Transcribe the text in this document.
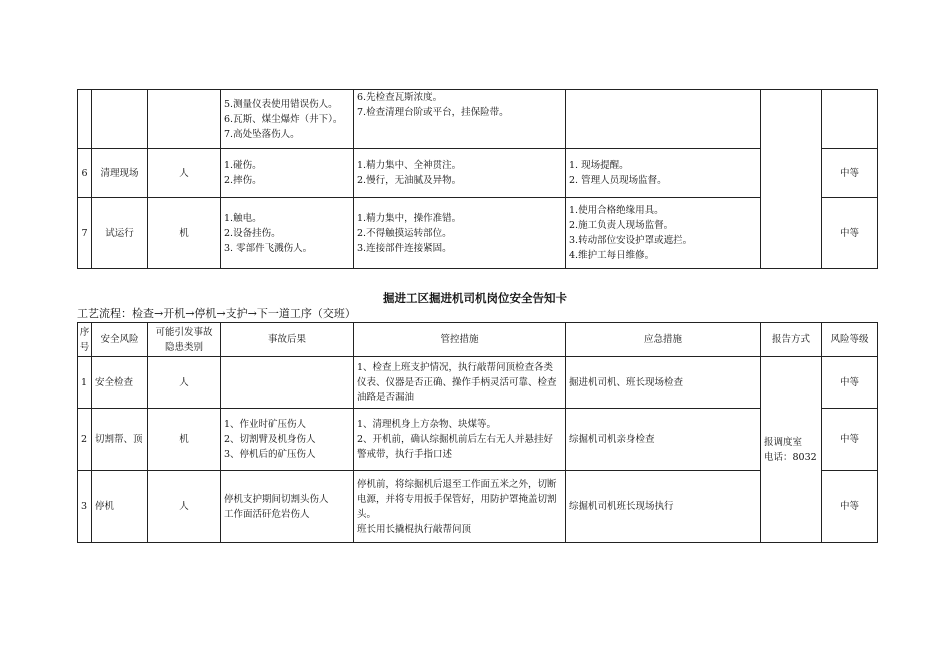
			5.测量仪表使用错误伤人。
6.瓦斯、煤尘爆炸（井下）。
7.高处坠落伤人。	6.先检查瓦斯浓度。
7.检查清理台阶或平台，挂保险带。			

6	清理现场	人	1.碰伤。
2.摔伤。	1.精力集中、全神贯注。
2.慢行，无油腻及异物。	1. 现场提醒。
2. 管理人员现场监督。		中等
7	试运行	机	1.触电。
2.设备挂伤。
3. 零部件飞溅伤人。	1.精力集中，操作准错。
2.不得触摸运转部位。
3.连接部件连接紧固。	1.使用合格绝缘用具。
2.施工负责人现场监督。
3.转动部位安设护罩或遮拦。
4.维护工每日维修。		中等
掘进工区掘进机司机岗位安全告知卡
工艺流程：检查→开机→停机→支护→下一道工序（交班）
序号	安全风险	可能引发事故隐患类别	事故后果	管控措施	应急措施	报告方式	风险等级
1	安全检查	人		1、检查上班支护情况，执行敲帮问顶检查各类仪表、仪器是否正确、操作手柄灵活可靠、检查油路是否漏油	掘进机司机、班长现场检查	报调度室
电话：8032	中等
2	切割帮、顶	机	1、作业时矿压伤人
2、切割臂及机身伤人
3、停机后的矿压伤人	1、清理机身上方杂物、块煤等。
2、开机前，确认综掘机前后左右无人并悬挂好警戒带，执行手指口述	综掘机司机亲身检查		中等
3	停机	人	停机支护期间切割头伤人
工作面活矸危岩伤人	停机前，将综掘机后退至工作面五米之外，切断电源，并将专用扳手保管好，用防护罩掩盖切割头。
班长用长撬棍执行敲帮问顶	综掘机司机班长现场执行		中等
